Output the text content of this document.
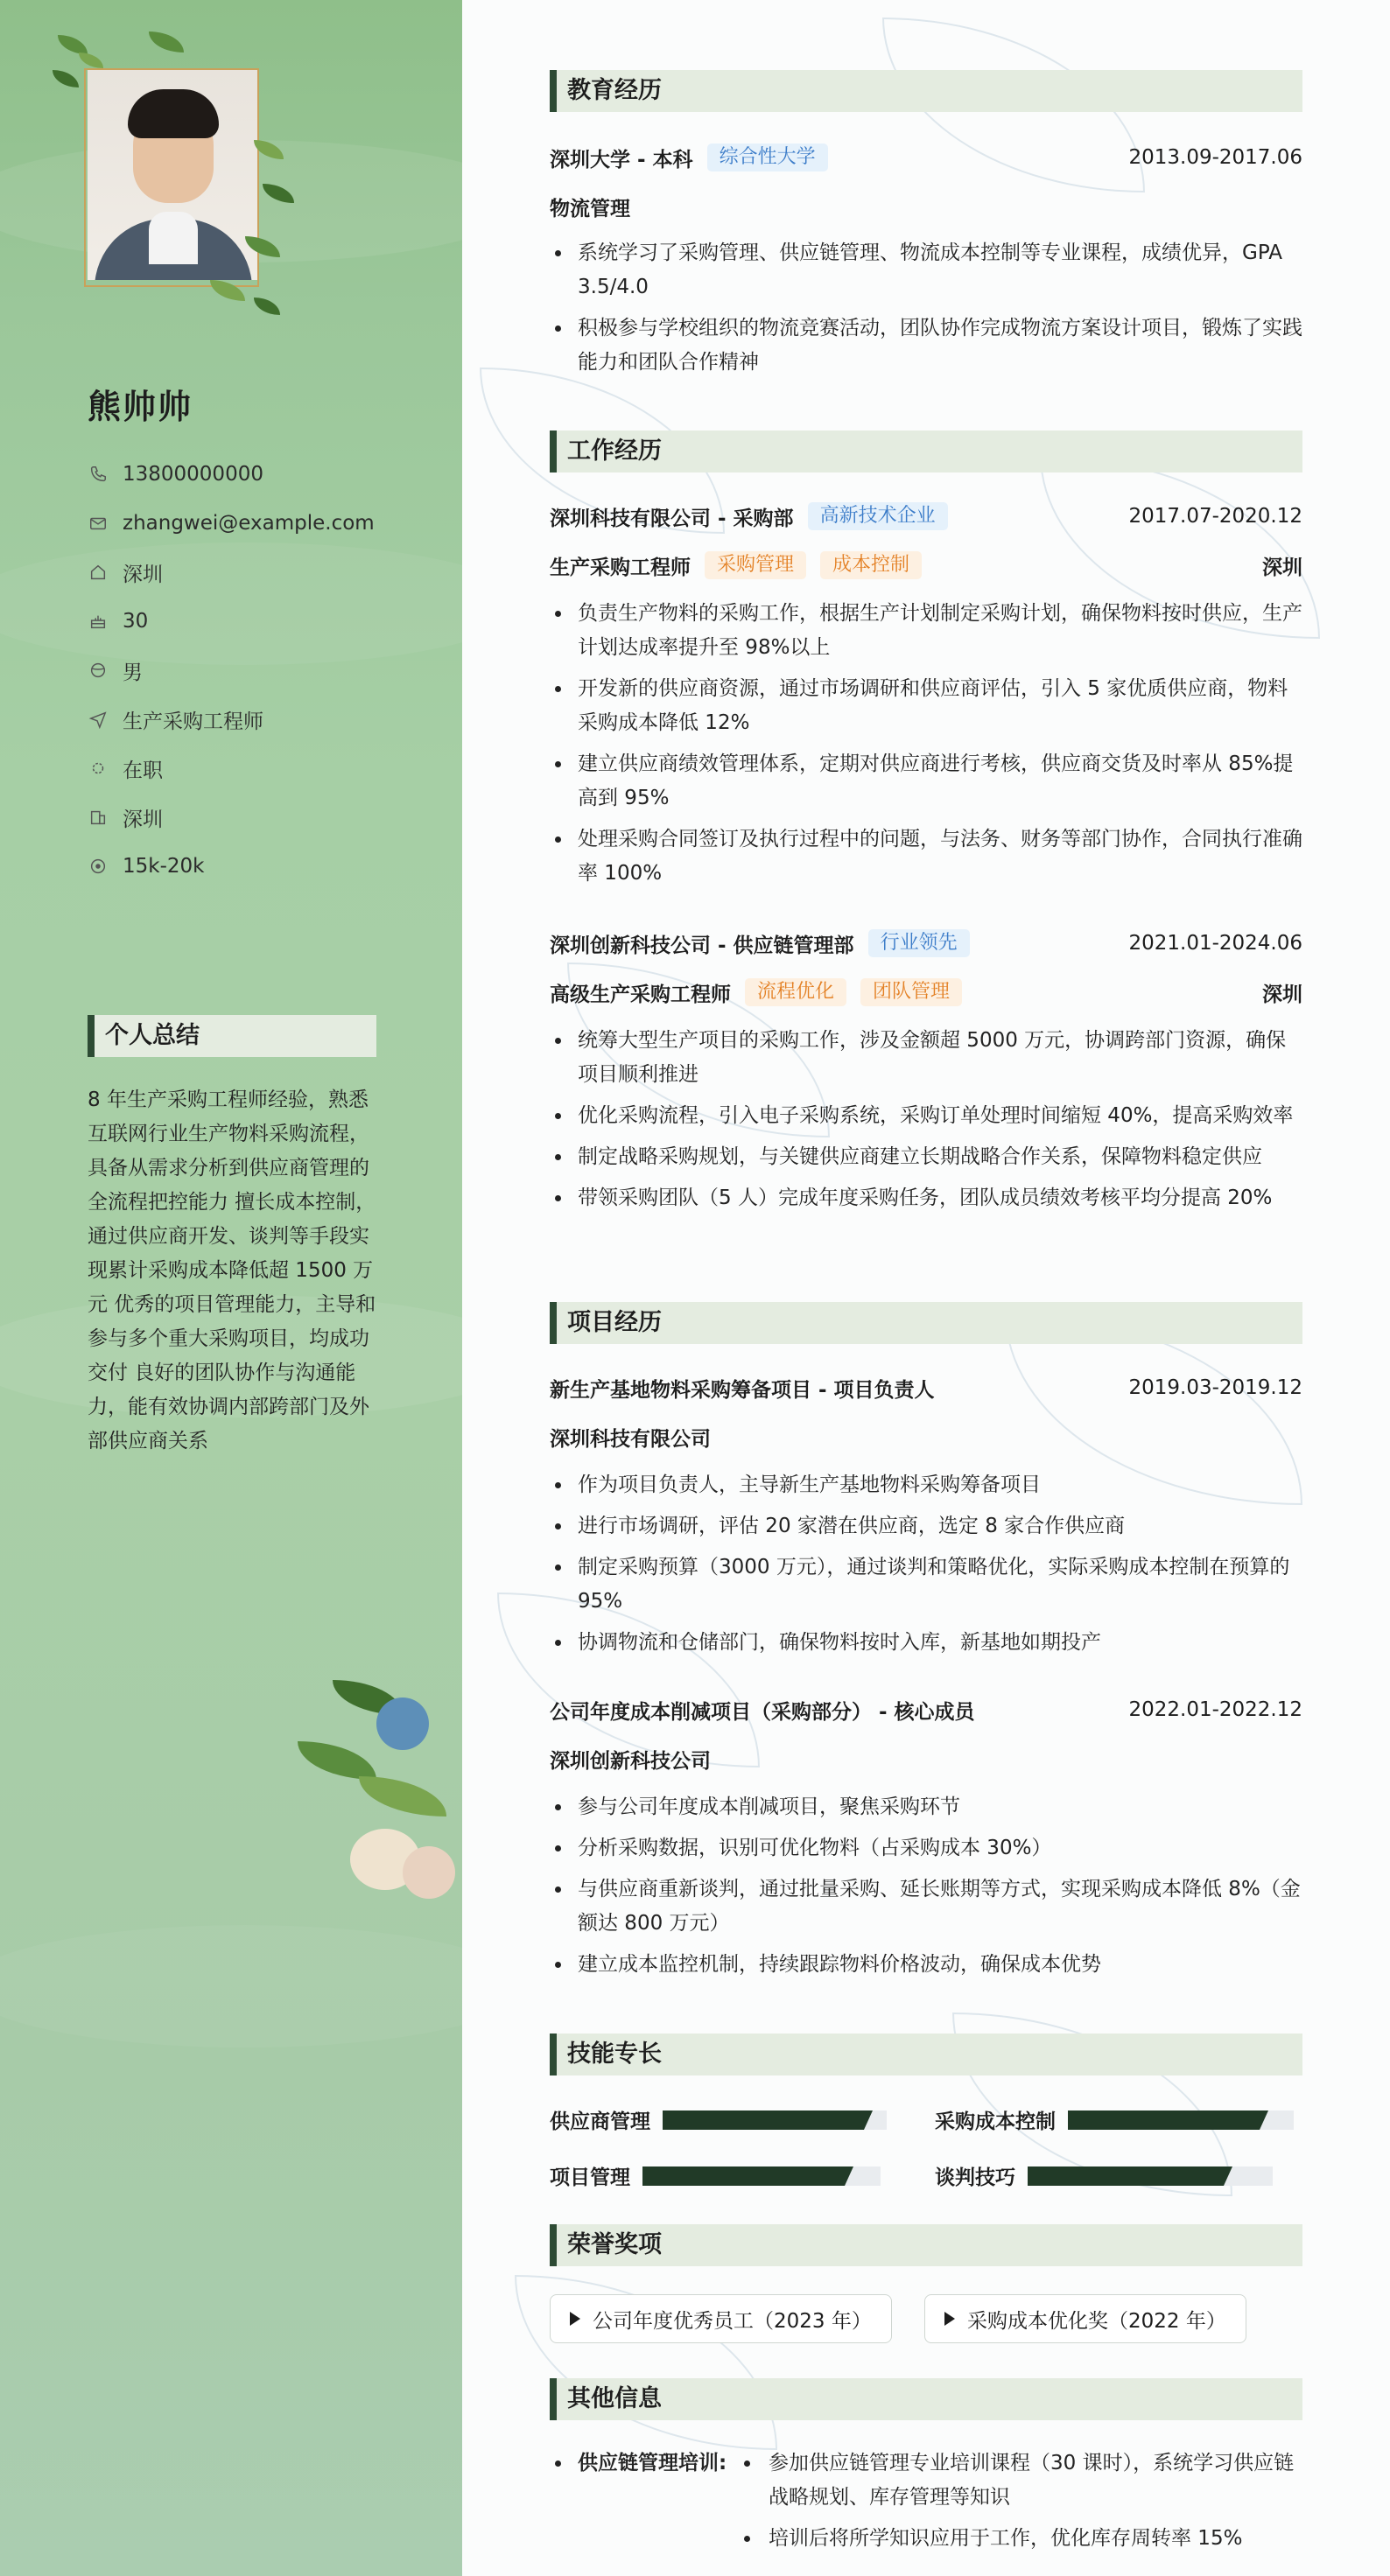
熊帅帅
13800000000
zhangwei@example.com
深圳
30
男
生产采购工程师
在职
深圳
15k-20k
个人总结
8 年生产采购工程师经验，熟悉互联网行业生产物料采购流程，具备从需求分析到供应商管理的全流程把控能力 擅长成本控制，通过供应商开发、谈判等手段实现累计采购成本降低超 1500 万元 优秀的项目管理能力，主导和参与多个重大采购项目，均成功交付 良好的团队协作与沟通能力，能有效协调内部跨部门及外部供应商关系
教育经历
深圳大学 - 本科	综合性大学	2013.09-2017.06
物流管理
系统学习了采购管理、供应链管理、物流成本控制等专业课程，成绩优异，GPA 3.5/4.0
积极参与学校组织的物流竞赛活动，团队协作完成物流方案设计项目，锻炼了实践能力和团队合作精神
工作经历
深圳科技有限公司 - 采购部	高新技术企业	2017.07-2020.12
生产采购工程师	采购管理	成本控制	深圳
负责生产物料的采购工作，根据生产计划制定采购计划，确保物料按时供应，生产计划达成率提升至 98%以上
开发新的供应商资源，通过市场调研和供应商评估，引入 5 家优质供应商，物料采购成本降低 12%
建立供应商绩效管理体系，定期对供应商进行考核，供应商交货及时率从 85%提高到 95%
处理采购合同签订及执行过程中的问题，与法务、财务等部门协作，合同执行准确率 100%
深圳创新科技公司 - 供应链管理部	行业领先	2021.01-2024.06
高级生产采购工程师	流程优化	团队管理	深圳
统筹大型生产项目的采购工作，涉及金额超 5000 万元，协调跨部门资源，确保项目顺利推进
优化采购流程，引入电子采购系统，采购订单处理时间缩短 40%，提高采购效率
制定战略采购规划，与关键供应商建立长期战略合作关系，保障物料稳定供应
带领采购团队（5 人）完成年度采购任务，团队成员绩效考核平均分提高 20%
项目经历
新生产基地物料采购筹备项目 - 项目负责人	2019.03-2019.12
深圳科技有限公司
作为项目负责人，主导新生产基地物料采购筹备项目
进行市场调研，评估 20 家潜在供应商，选定 8 家合作供应商
制定采购预算（3000 万元），通过谈判和策略优化，实际采购成本控制在预算的 95%
协调物流和仓储部门，确保物料按时入库，新基地如期投产
公司年度成本削减项目（采购部分） - 核心成员	2022.01-2022.12
深圳创新科技公司
参与公司年度成本削减项目，聚焦采购环节
分析采购数据，识别可优化物料（占采购成本 30%）
与供应商重新谈判，通过批量采购、延长账期等方式，实现采购成本降低 8%（金额达 800 万元）
建立成本监控机制，持续跟踪物料价格波动，确保成本优势
技能专长
供应商管理	采购成本控制
项目管理	谈判技巧
荣誉奖项
公司年度优秀员工（2023 年）	采购成本优化奖（2022 年）
其他信息
供应链管理培训:	参加供应链管理专业培训课程（30 课时），系统学习供应链战略规划、库存管理等知识
培训后将所学知识应用于工作，优化库存周转率 15%
